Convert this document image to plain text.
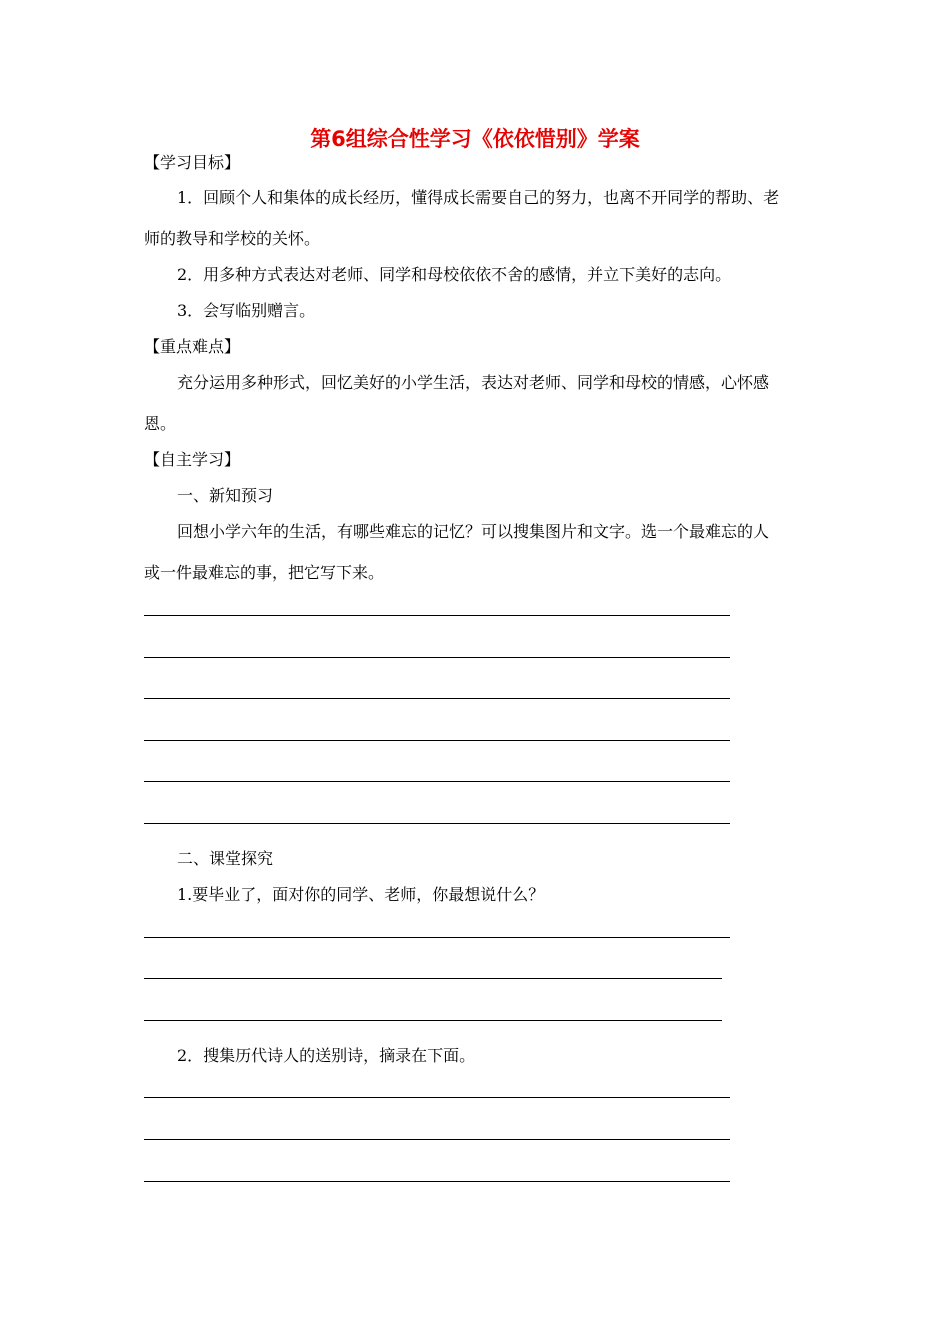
第6组综合性学习《依依惜别》学案
【学习目标】
1．回顾个人和集体的成长经历，懂得成长需要自己的努力，也离不开同学的帮助、老
师的教导和学校的关怀。
2．用多种方式表达对老师、同学和母校依依不舍的感情，并立下美好的志向。
3．会写临别赠言。
【重点难点】
充分运用多种形式，回忆美好的小学生活，表达对老师、同学和母校的情感，心怀感
恩。
【自主学习】
一、新知预习
回想小学六年的生活，有哪些难忘的记忆？可以搜集图片和文字。选一个最难忘的人
或一件最难忘的事，把它写下来。
二、课堂探究
1.要毕业了，面对你的同学、老师，你最想说什么？
2．搜集历代诗人的送别诗，摘录在下面。
